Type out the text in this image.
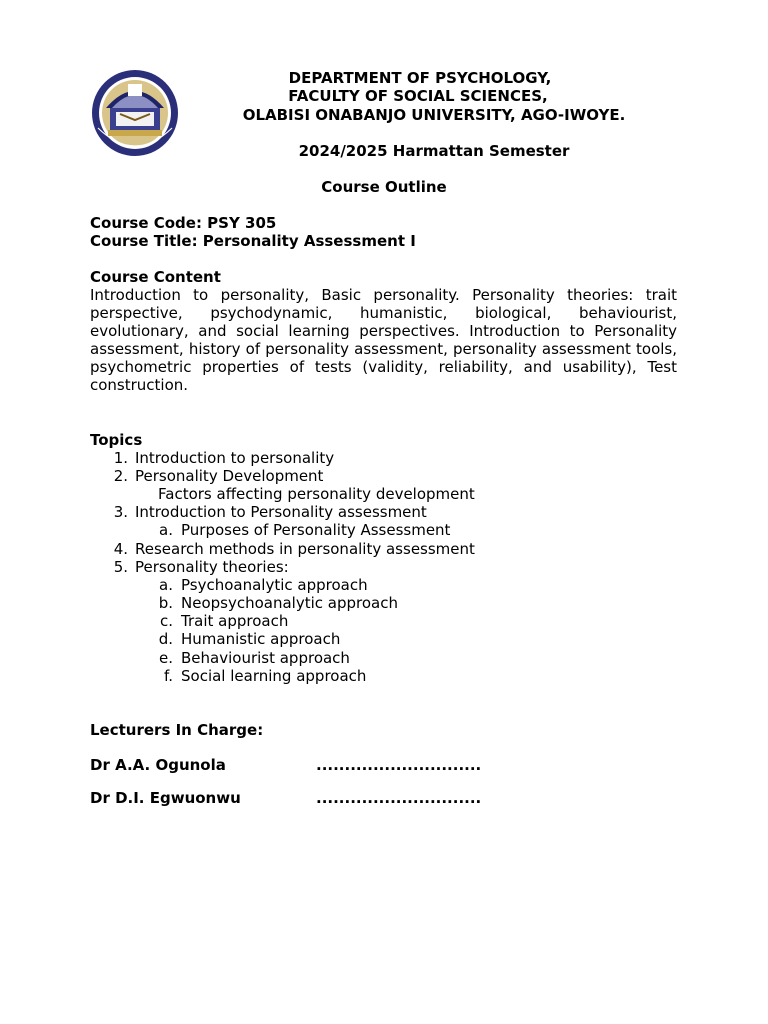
DEPARTMENT OF PSYCHOLOGY,
FACULTY OF SOCIAL SCIENCES,
OLABISI ONABANJO UNIVERSITY, AGO-IWOYE.
2024/2025 Harmattan Semester
Course Outline
Course Code: PSY 305
Course Title: Personality Assessment I
Course Content

Introduction to personality, Basic personality. Personality theories: trait perspective, psychodynamic, humanistic, biological, behaviourist, evolutionary, and social learning perspectives. Introduction to Personality assessment, history of personality assessment, personality assessment tools, psychometric properties of tests (validity, reliability, and usability), Test construction.

Topics
1. Introduction to personality
2. Personality Development
Factors affecting personality development
3. Introduction to Personality assessment
a. Purposes of Personality Assessment
4. Research methods in personality assessment
5. Personality theories:
a. Psychoanalytic approach
b. Neopsychoanalytic approach
c. Trait approach
d. Humanistic approach
e. Behaviourist approach
f. Social learning approach
Lecturers In Charge:
Dr A.A. Ogunola	.............................
Dr D.I. Egwuonwu	.............................
